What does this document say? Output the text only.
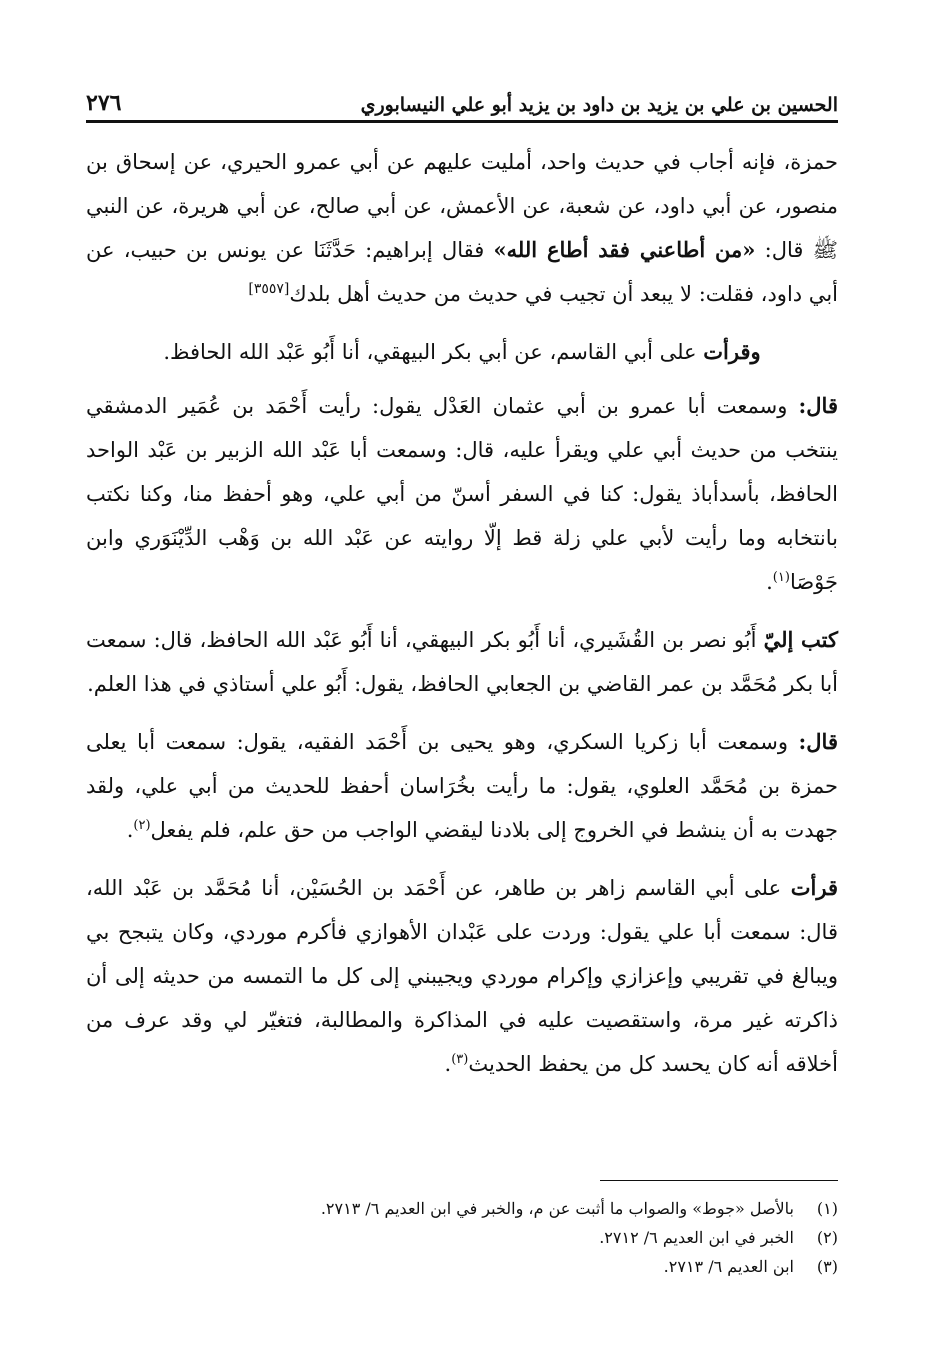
الحسين بن علي بن يزيد بن داود بن يزيد أبو علي النيسابوري
٢٧٦

حمزة، فإنه أجاب في حديث واحد، أمليت عليهم عن أبي عمرو الحيري، عن إسحاق بن منصور، عن أبي داود، عن شعبة، عن الأعمش، عن أبي صالح، عن أبي هريرة، عن النبي ﷺ قال: «من أطاعني فقد أطاع الله» فقال إبراهيم: حَدَّثَنَا عن يونس بن حبيب، عن أبي داود، فقلت: لا يبعد أن تجيب في حديث من حديث أهل بلدك[٣٥٥٧]

وقرأت على أبي القاسم، عن أبي بكر البيهقي، أنا أَبُو عَبْد الله الحافظ.

قال: وسمعت أبا عمرو بن أبي عثمان العَدْل يقول: رأيت أَحْمَد بن عُمَير الدمشقي ينتخب من حديث أبي علي ويقرأ عليه، قال: وسمعت أبا عَبْد الله الزبير بن عَبْد الواحد الحافظ، بأسدأباذ يقول: كنا في السفر أسنّ من أبي علي، وهو أحفظ منا، وكنا نكتب بانتخابه وما رأيت لأبي علي زلة قط إلّا روايته عن عَبْد الله بن وَهْب الدِّيْنَوَري وابن جَوْصَا$^{(١)}$.

كتب إليّ أَبُو نصر بن القُشَيري، أنا أَبُو بكر البيهقي، أنا أَبُو عَبْد الله الحافظ، قال: سمعت أبا بكر مُحَمَّد بن عمر القاضي بن الجعابي الحافظ، يقول: أَبُو علي أستاذي في هذا العلم.

قال: وسمعت أبا زكريا السكري، وهو يحيى بن أَحْمَد الفقيه، يقول: سمعت أبا يعلى حمزة بن مُحَمَّد العلوي، يقول: ما رأيت بخُرَاسان أحفظ للحديث من أبي علي، ولقد جهدت به أن ينشط في الخروج إلى بلادنا ليقضي الواجب من حق علم، فلم يفعل$^{(٢)}$.

قرأت على أبي القاسم زاهر بن طاهر، عن أَحْمَد بن الحُسَيْن، أنا مُحَمَّد بن عَبْد الله، قال: سمعت أبا علي يقول: وردت على عَبْدان الأهوازي فأكرم موردي، وكان يتبجح بي ويبالغ في تقريبي وإعزازي وإكرام موردي ويجيبني إلى كل ما التمسه من حديثه إلى أن ذاكرته غير مرة، واستقصيت عليه في المذاكرة والمطالبة، فتغيّر لي وقد عرف من أخلاقه أنه كان يحسد كل من يحفظ الحديث$^{(٣)}$.

(١)
بالأصل «جوط» والصواب ما أثبت عن م، والخبر في ابن العديم ٦/ ٢٧١٣.
(٢)
الخبر في ابن العديم ٦/ ٢٧١٢.
(٣)
ابن العديم ٦/ ٢٧١٣.
